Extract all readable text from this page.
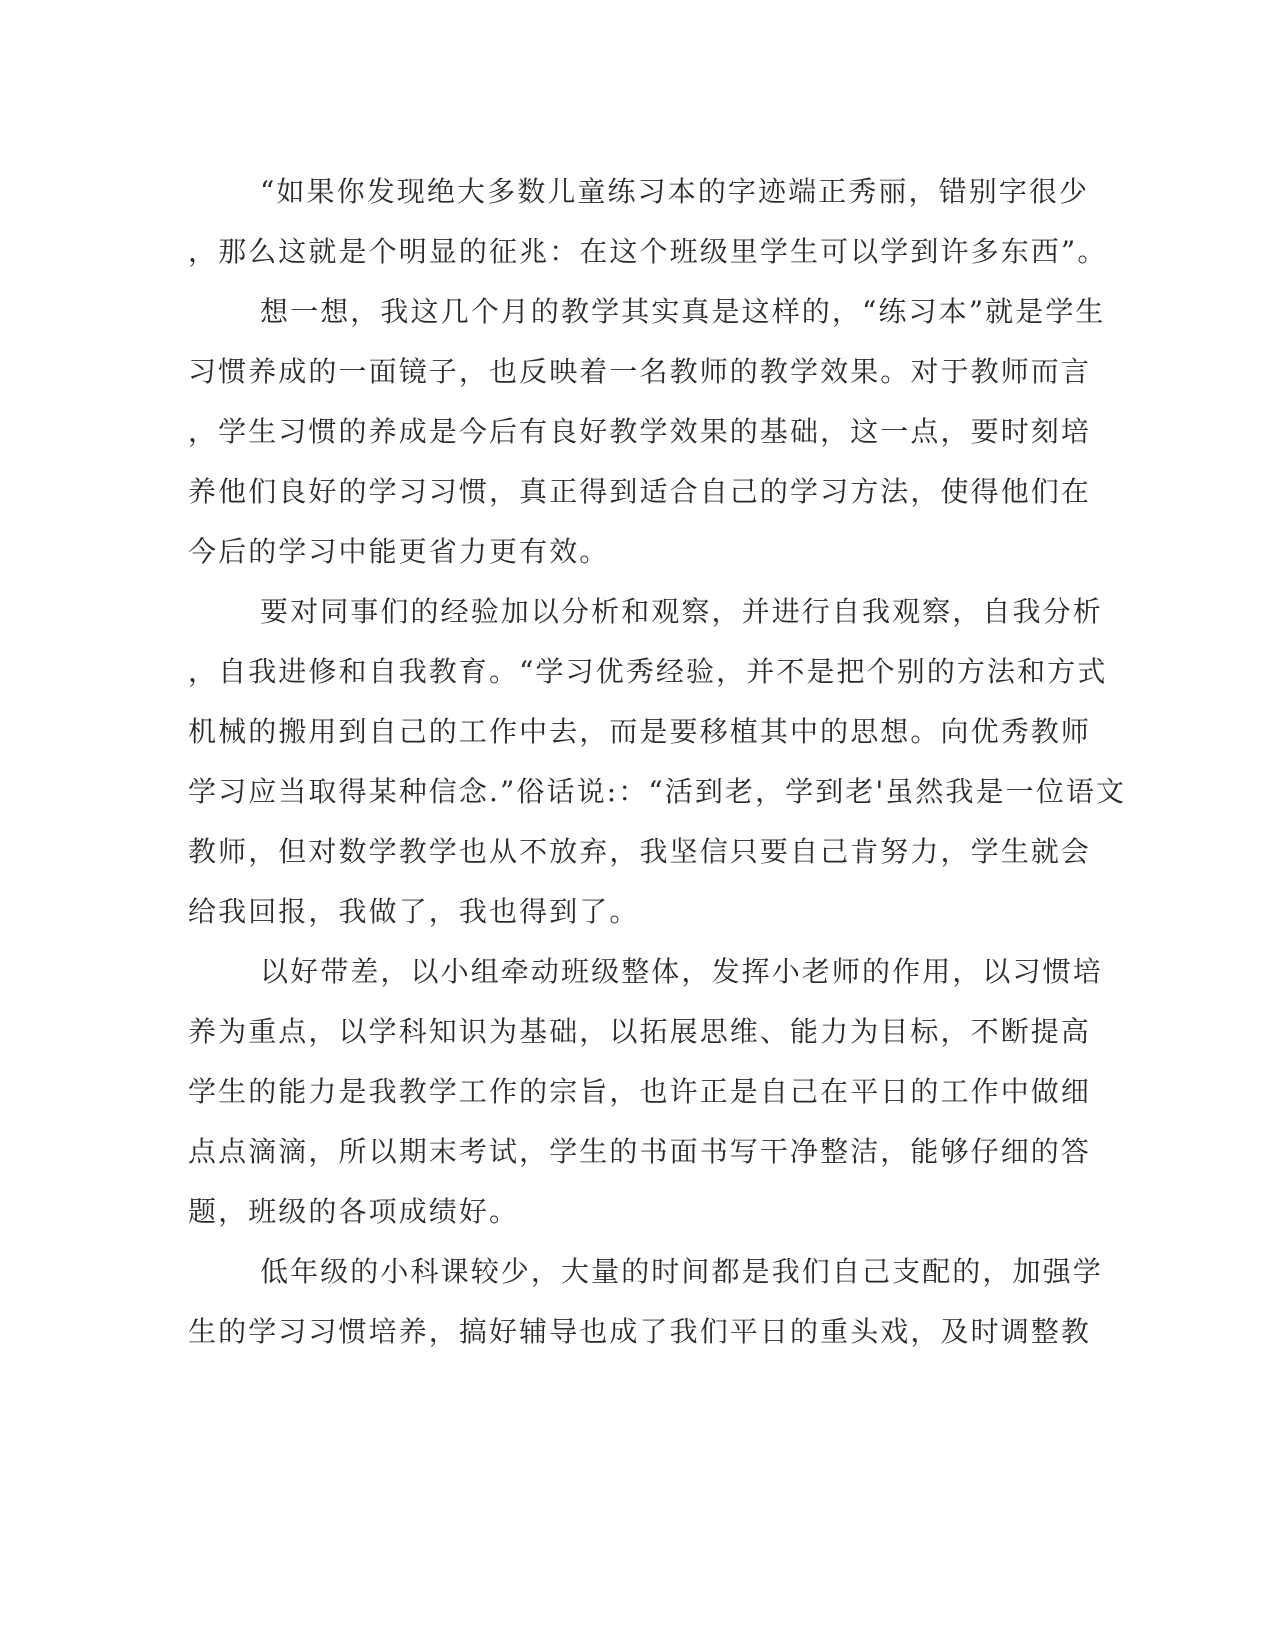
“如果你发现绝大多数儿童练习本的字迹端正秀丽，错别字很少
，那么这就是个明显的征兆：在这个班级里学生可以学到许多东西”。
想一想，我这几个月的教学其实真是这样的，“练习本”就是学生
习惯养成的一面镜子，也反映着一名教师的教学效果。对于教师而言
，学生习惯的养成是今后有良好教学效果的基础，这一点，要时刻培
养他们良好的学习习惯，真正得到适合自己的学习方法，使得他们在
今后的学习中能更省力更有效。
要对同事们的经验加以分析和观察，并进行自我观察，自我分析
，自我进修和自我教育。“学习优秀经验，并不是把个别的方法和方式
机械的搬用到自己的工作中去，而是要移植其中的思想。向优秀教师
学习应当取得某种信念.”俗话说:：“活到老，学到老'虽然我是一位语文
教师，但对数学教学也从不放弃，我坚信只要自己肯努力，学生就会
给我回报，我做了，我也得到了。
以好带差，以小组牵动班级整体，发挥小老师的作用，以习惯培
养为重点，以学科知识为基础，以拓展思维、能力为目标，不断提高
学生的能力是我教学工作的宗旨，也许正是自己在平日的工作中做细
点点滴滴，所以期末考试，学生的书面书写干净整洁，能够仔细的答
题，班级的各项成绩好。
低年级的小科课较少，大量的时间都是我们自己支配的，加强学
生的学习习惯培养，搞好辅导也成了我们平日的重头戏，及时调整教
